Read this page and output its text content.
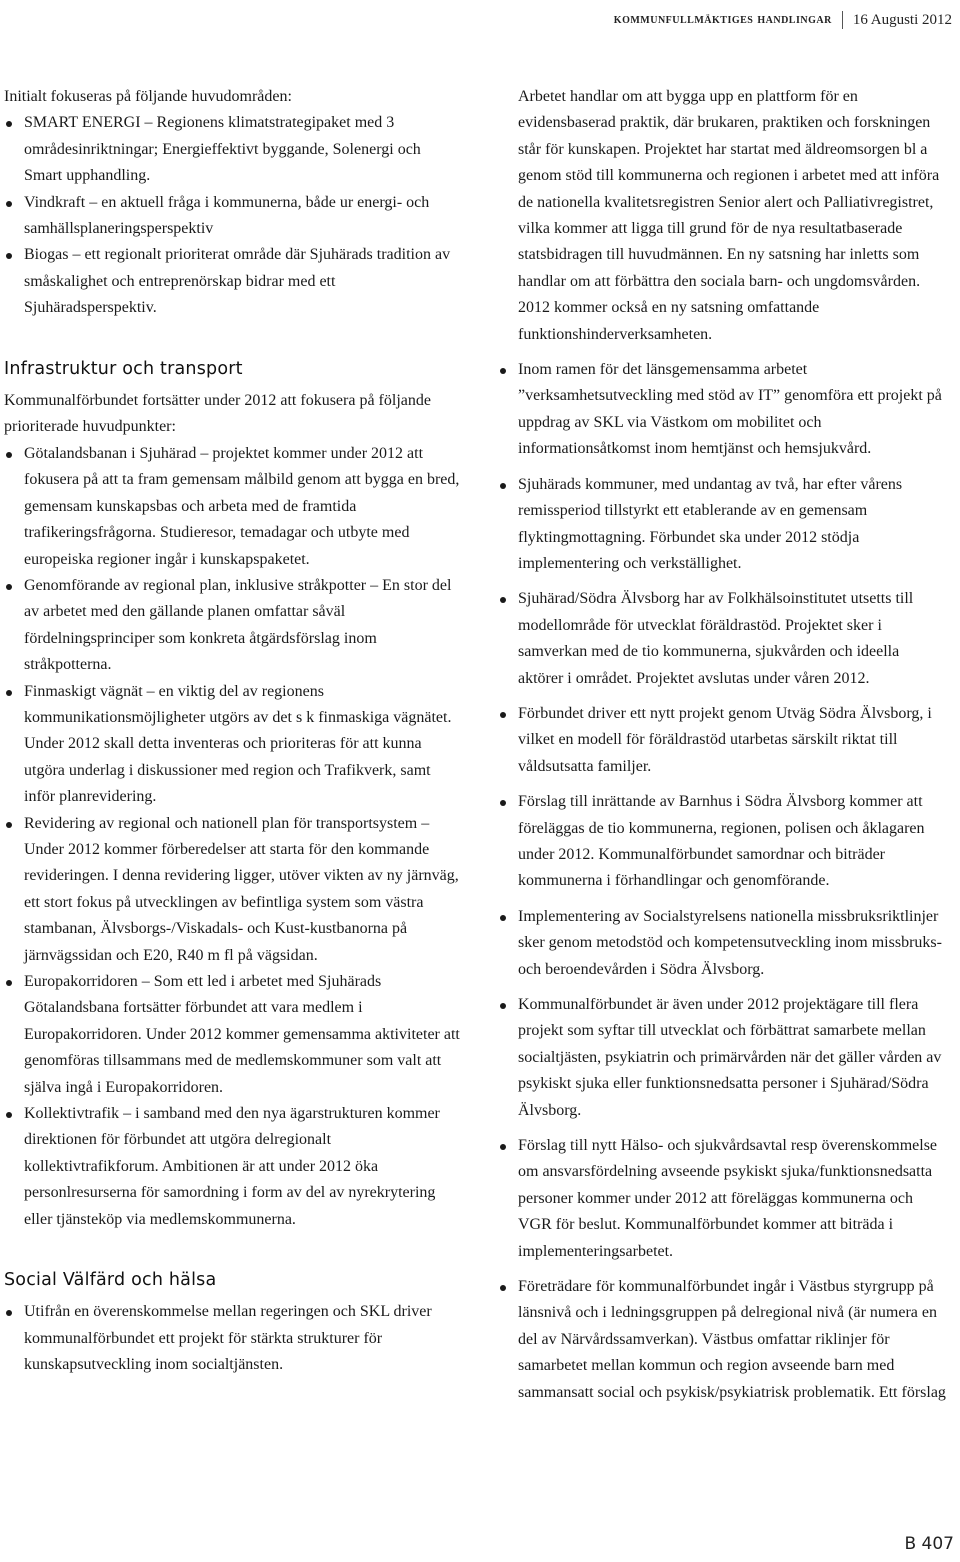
kommunfullmäktiges handlingar 16 Augusti 2012

Initialt fokuseras på följande huvudområden:

SMART ENERGI – Regionens klimatstrategipaket med 3 områdesinriktningar; Energieffektivt byggande, Solenergi och Smart upphandling.
Vindkraft – en aktuell fråga i kommunerna, både ur energi- och samhällsplaneringsperspektiv
Biogas – ett regionalt prioriterat område där Sjuhärads tradition av småskalighet och entreprenörskap bidrar med ett Sjuhäradsperspektiv.
Infrastruktur och transport

Kommunalförbundet fortsätter under 2012 att fokusera på följande prioriterade huvudpunkter:

Götalandsbanan i Sjuhärad – projektet kommer under 2012 att fokusera på att ta fram gemensam målbild genom att bygga en bred, gemensam kunskapsbas och arbeta med de framtida trafikeringsfrågorna. Studieresor, temadagar och utbyte med europeiska regioner ingår i kunskapspaketet.
Genomförande av regional plan, inklusive stråkpotter – En stor del av arbetet med den gällande planen omfattar såväl fördelningsprinciper som konkreta åtgärdsförslag inom stråkpotterna.
Finmaskigt vägnät – en viktig del av regionens kommunikationsmöjligheter utgörs av det s k finmaskiga vägnätet. Under 2012 skall detta inventeras och prioriteras för att kunna utgöra underlag i diskussioner med region och Trafikverk, samt inför planrevidering.
Revidering av regional och nationell plan för transportsystem – Under 2012 kommer förberedelser att starta för den kommande revideringen. I denna revidering ligger, utöver vikten av ny järnväg, ett stort fokus på utvecklingen av befintliga system som västra stambanan, Älvsborgs-/Viskadals- och Kust-kustbanorna på järnvägssidan och E20, R40 m fl på vägsidan.
Europakorridoren – Som ett led i arbetet med Sjuhärads Götalandsbana fortsätter förbundet att vara medlem i Europakorridoren. Under 2012 kommer gemensamma aktiviteter att genomföras tillsammans med de medlemskommuner som valt att själva ingå i Europakorridoren.
Kollektivtrafik – i samband med den nya ägarstrukturen kommer direktionen för förbundet att utgöra delregionalt kollektivtrafikforum. Ambitionen är att under 2012 öka personlresurserna för samordning i form av del av nyrekrytering eller tjänsteköp via medlemskommunerna.
Social Välfärd och hälsa
Utifrån en överenskommelse mellan regeringen och SKL driver kommunalförbundet ett projekt för stärkta strukturer för kunskapsutveckling inom socialtjänsten.

Arbetet handlar om att bygga upp en plattform för en evidensbaserad praktik, där brukaren, praktiken och forskningen står för kunskapen. Projektet har startat med äldreomsorgen bl a genom stöd till kommunerna och regionen i arbetet med att införa de nationella kvalitetsregistren Senior alert och Palliativregistret, vilka kommer att ligga till grund för de nya resultatbaserade statsbidragen till huvudmännen. En ny satsning har inletts som handlar om att förbättra den sociala barn- och ungdomsvården. 2012 kommer också en ny satsning omfattande funktionshinderverksamheten.

Inom ramen för det länsgemensamma arbetet ”verksamhetsutveckling med stöd av IT” genomföra ett projekt på uppdrag av SKL via Västkom om mobilitet och informationsåtkomst inom hemtjänst och hemsjukvård.
Sjuhärads kommuner, med undantag av två, har efter vårens remissperiod tillstyrkt ett etablerande av en gemensam flyktingmottagning. Förbundet ska under 2012 stödja implementering och verkställighet.
Sjuhärad/Södra Älvsborg har av Folkhälsoinstitutet utsetts till modellområde för utvecklat föräldrastöd. Projektet sker i samverkan med de tio kommunerna, sjukvården och ideella aktörer i området. Projektet avslutas under våren 2012.
Förbundet driver ett nytt projekt genom Utväg Södra Älvsborg, i vilket en modell för föräldrastöd utarbetas särskilt riktat till våldsutsatta familjer.
Förslag till inrättande av Barnhus i Södra Älvsborg kommer att föreläggas de tio kommunerna, regionen, polisen och åklagaren under 2012. Kommunalförbundet samordnar och biträder kommunerna i förhandlingar och genomförande.
Implementering av Socialstyrelsens nationella missbruksriktlinjer sker genom metodstöd och kompetensutveckling inom missbruks- och beroendevården i Södra Älvsborg.
Kommunalförbundet är även under 2012 projektägare till flera projekt som syftar till utvecklat och förbättrat samarbete mellan socialtjästen, psykiatrin och primärvården när det gäller vården av psykiskt sjuka eller funktionsnedsatta personer i Sjuhärad/Södra Älvsborg.
Förslag till nytt Hälso- och sjukvårdsavtal resp överenskommelse om ansvarsfördelning avseende psykiskt sjuka/funktionsnedsatta personer kommer under 2012 att föreläggas kommunerna och VGR för beslut. Kommunalförbundet kommer att biträda i implementeringsarbetet.
Företrädare för kommunalförbundet ingår i Västbus styrgrupp på länsnivå och i ledningsgruppen på delregional nivå (är numera en del av Närvårdssamverkan). Västbus omfattar riklinjer för samarbetet mellan kommun och region avseende barn med sammansatt social och psykisk/psykiatrisk problematik. Ett förslag
B 407
